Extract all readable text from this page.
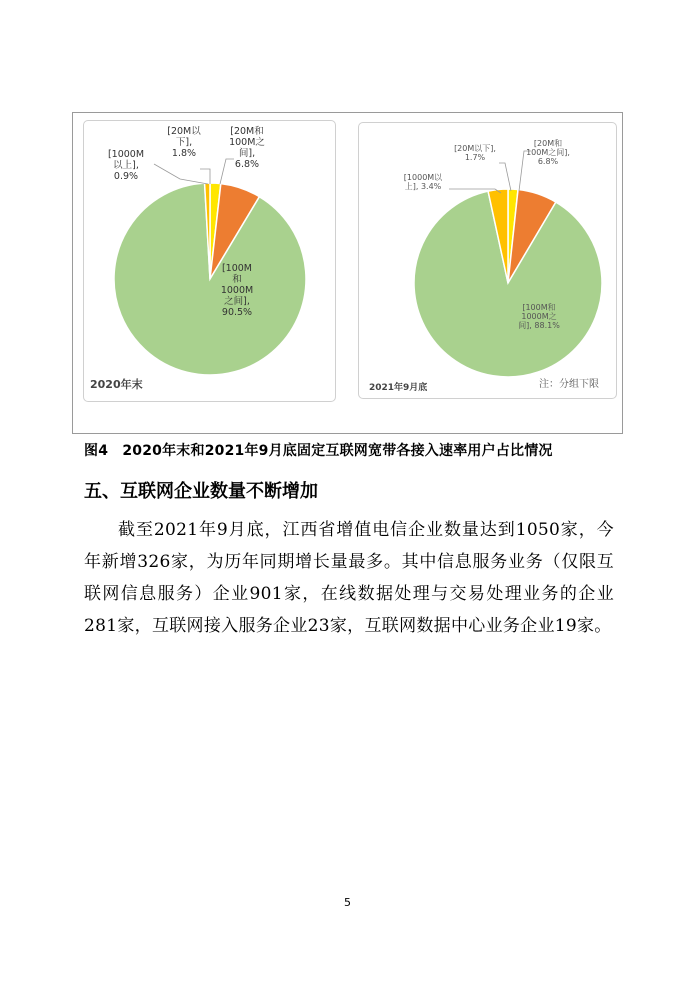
[20M以
下],
1.8%
[20M和
100M之
间],
6.8%
[1000M
以上],
0.9%
[100M
和
1000M
之间],
90.5%
2020年末
[20M以下],
1.7%
[20M和
100M之间],
6.8%
[1000M以
上], 3.4%
[100M和
1000M之
间], 88.1%
2021年9月底	注：分组下限
图4　2020年末和2021年9月底固定互联网宽带各接入速率用户占比情况
五、互联网企业数量不断增加
截至2021年9月底，江西省增值电信企业数量达到1050家，今年新增326家，为历年同期增长量最多。其中信息服务业务（仅限互联网信息服务）企业901家，在线数据处理与交易处理业务的企业281家，互联网接入服务企业23家，互联网数据中心业务企业19家。
5
